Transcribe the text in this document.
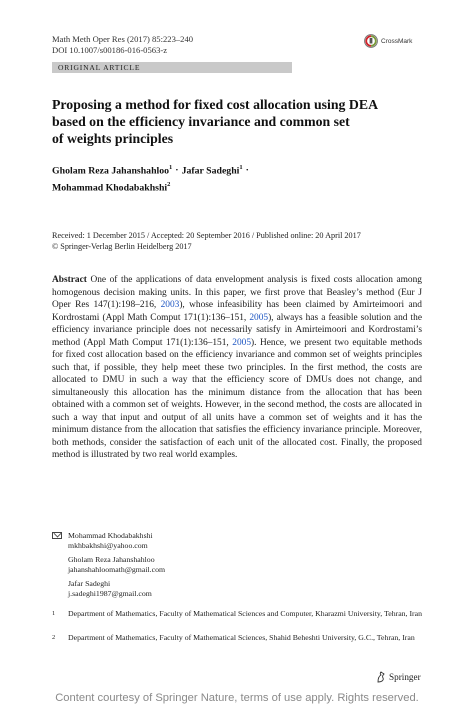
Math Meth Oper Res (2017) 85:223–240
DOI 10.1007/s00186-016-0563-z
CrossMark
ORIGINAL ARTICLE
Proposing a method for fixed cost allocation using DEA
based on the efficiency invariance and common set
of weights principles
Gholam Reza Jahanshahloo$^1$ · Jafar Sadeghi$^1$ ·
Mohammad Khodabakhshi$^2$
Received: 1 December 2015 / Accepted: 20 September 2016 / Published online: 20 April 2017
© Springer-Verlag Berlin Heidelberg 2017
Abstract One of the applications of data envelopment analysis is fixed costs allocation among homogenous decision making units. In this paper, we first prove that Beasley’s method (Eur J Oper Res 147(1):198–216, 2003), whose infeasibility has been claimed by Amirteimoori and Kordrostami (Appl Math Comput 171(1):136–151, 2005), always has a feasible solution and the efficiency invariance principle does not necessarily satisfy in Amirteimoori and Kordrostami’s method (Appl Math Comput 171(1):136–151, 2005). Hence, we present two equitable methods for fixed cost allocation based on the efficiency invariance and common set of weights principles such that, if possible, they help meet these two principles. In the first method, the costs are allocated to DMU in such a way that the efficiency score of DMUs does not change, and simultaneously this allocation has the minimum distance from the allocation that has been obtained with a common set of weights. However, in the second method, the costs are allocated in such a way that input and output of all units have a common set of weights and it has the minimum distance from the allocation that satisfies the efficiency invariance principle. Moreover, both methods, consider the satisfaction of each unit of the allocated cost. Finally, the proposed method is illustrated by two real world examples.
Mohammad Khodabakhshi
mkhbakhshi@yahoo.com
Gholam Reza Jahanshahloo
jahanshahloomath@gmail.com
Jafar Sadeghi
j.sadeghi1987@gmail.com
1 Department of Mathematics, Faculty of Mathematical Sciences and Computer, Kharazmi University, Tehran, Iran
2 Department of Mathematics, Faculty of Mathematical Sciences, Shahid Beheshti University, G.C., Tehran, Iran
Springer
Content courtesy of Springer Nature, terms of use apply. Rights reserved.
